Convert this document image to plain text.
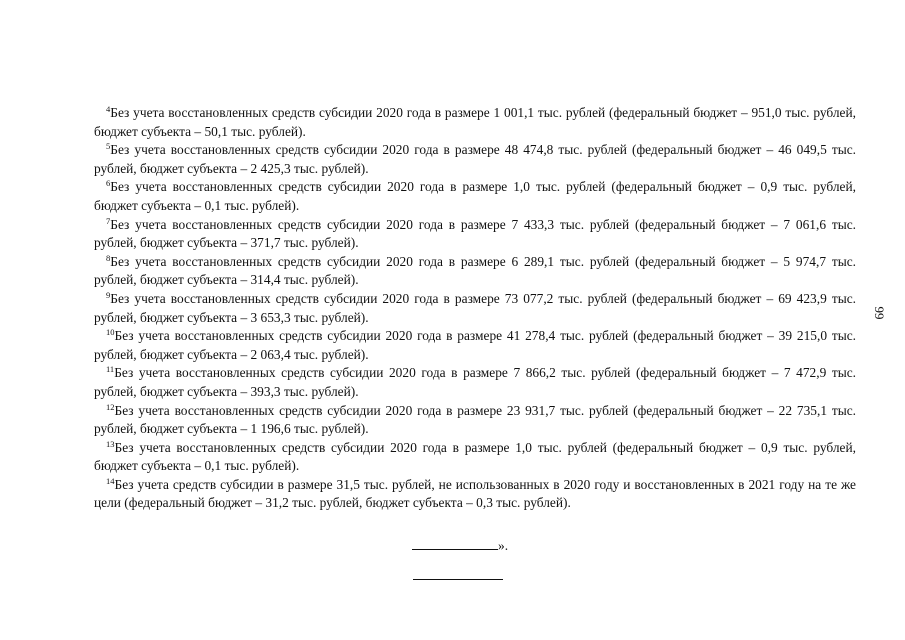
$^4$Без учета восстановленных средств субсидии 2020 года в размере 1 001,1 тыс. рублей (федеральный бюджет – 951,0 тыс. рублей, бюджет субъекта – 50,1 тыс. рублей).

$^5$Без учета восстановленных средств субсидии 2020 года в размере 48 474,8 тыс. рублей (федеральный бюджет – 46 049,5 тыс. рублей, бюджет субъекта – 2 425,3 тыс. рублей).

$^6$Без учета восстановленных средств субсидии 2020 года в размере 1,0 тыс. рублей (федеральный бюджет – 0,9 тыс. рублей, бюджет субъекта – 0,1 тыс. рублей).

$^7$Без учета восстановленных средств субсидии 2020 года в размере 7 433,3 тыс. рублей (федеральный бюджет – 7 061,6 тыс. рублей, бюджет субъекта – 371,7 тыс. рублей).

$^8$Без учета восстановленных средств субсидии 2020 года в размере 6 289,1 тыс. рублей (федеральный бюджет – 5 974,7 тыс. рублей, бюджет субъекта – 314,4 тыс. рублей).

$^9$Без учета восстановленных средств субсидии 2020 года в размере 73 077,2 тыс. рублей (федеральный бюджет – 69 423,9 тыс. рублей, бюджет субъекта – 3 653,3 тыс. рублей).

$^{10}$Без учета восстановленных средств субсидии 2020 года в размере 41 278,4 тыс. рублей (федеральный бюджет – 39 215,0 тыс. рублей, бюджет субъекта – 2 063,4 тыс. рублей).

$^{11}$Без учета восстановленных средств субсидии 2020 года в размере 7 866,2 тыс. рублей (федеральный бюджет – 7 472,9 тыс. рублей, бюджет субъекта – 393,3 тыс. рублей).

$^{12}$Без учета восстановленных средств субсидии 2020 года в размере 23 931,7 тыс. рублей (федеральный бюджет – 22 735,1 тыс. рублей, бюджет субъекта – 1 196,6 тыс. рублей).

$^{13}$Без учета восстановленных средств субсидии 2020 года в размере 1,0 тыс. рублей (федеральный бюджет – 0,9 тыс. рублей, бюджет субъекта – 0,1 тыс. рублей).

$^{14}$Без учета средств субсидии в размере 31,5 тыс. рублей, не использованных в 2020 году и восстановленных в 2021 году на те же цели (федеральный бюджет – 31,2 тыс. рублей, бюджет субъекта – 0,3 тыс. рублей).

».
99
